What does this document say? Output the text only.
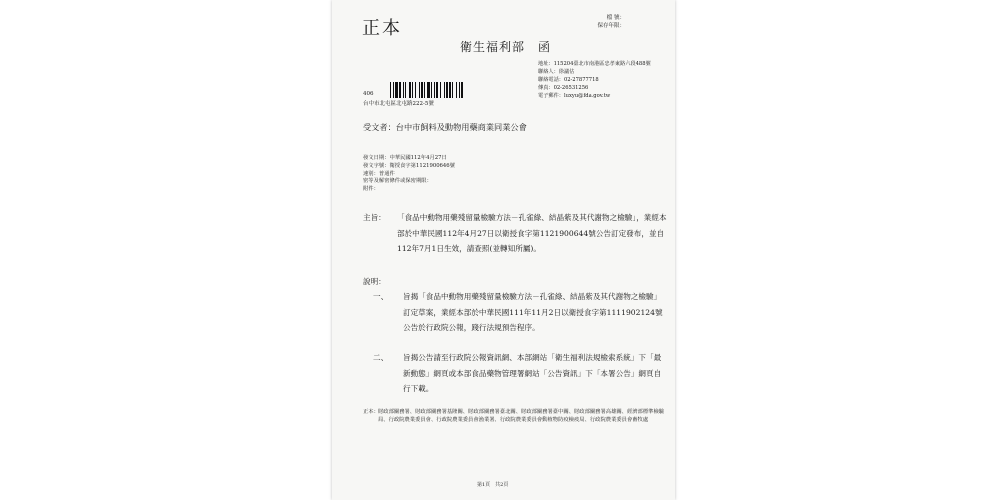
正本	檔 號：
保存年限：
衛生福利部　函
地址：115204臺北市南港區忠孝東路六段488號
聯絡人：徐議估
聯絡電話：02-27877718
傳真：02-26531256
電子郵件：luxyu@fda.gov.tw
406
台中市北屯區北屯路222-5號
受文者：台中市飼料及動物用藥商業同業公會
發文日期：中華民國112年4月27日
發文字號：衛授食字第1121900646號
速別：普通件
密等及解密條件或保密期限：
附件：
主旨： 「食品中動物用藥殘留量檢驗方法－孔雀綠、結晶紫及其代謝物之檢驗」，業經本部於中華民國112年4月27日以衛授食字第1121900644號公告訂定發布，並自112年7月1日生效，請查照(並轉知所屬)。
說明：
一、 旨揭「食品中動物用藥殘留量檢驗方法－孔雀綠、結晶紫及其代謝物之檢驗」訂定草案，業經本部於中華民國111年11月2日以衛授食字第1111902124號公告於行政院公報，踐行法規預告程序。
二、 旨揭公告請至行政院公報資訊網、本部網站「衛生福利法規檢索系統」下「最新動態」網頁或本部食品藥物管理署網站「公告資訊」下「本署公告」網頁自行下載。
正本： 財政部關務署、財政部關務署基隆關、財政部關務署臺北關、財政部關務署臺中關、財政部關務署高雄關、經濟部標準檢驗局、行政院農業委員會、行政院農業委員會漁業署、行政院農業委員會動植物防疫檢疫局、行政院農業委員會畜牧處
第1頁　共2頁
